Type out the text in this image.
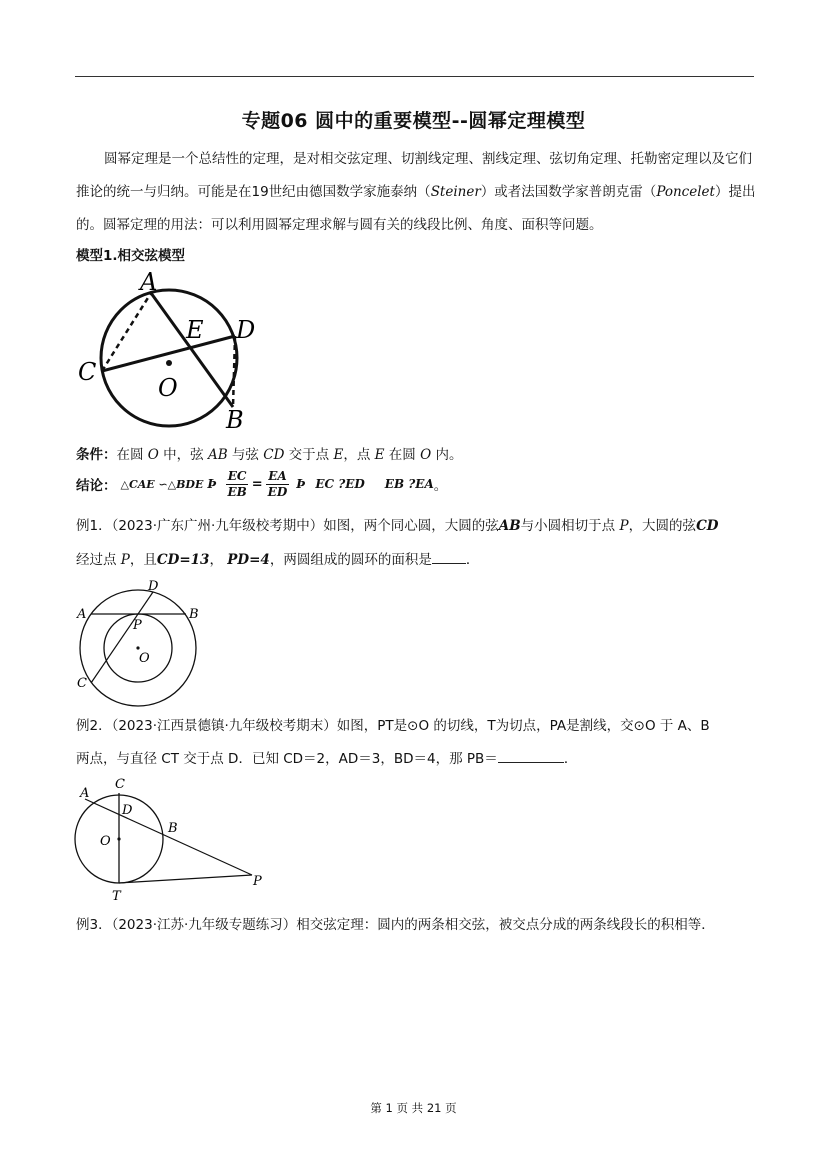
专题06 圆中的重要模型--圆幂定理模型
圆幂定理是一个总结性的定理，是对相交弦定理、切割线定理、割线定理、弦切角定理、托勒密定理以及它们推论的统一与归纳。可能是在19世纪由德国数学家施泰纳（Steiner）或者法国数学家普朗克雷（Poncelet）提出的。圆幂定理的用法：可以利用圆幂定理求解与圆有关的线段比例、角度、面积等问题。
模型1.相交弦模型
A
B
C
D
E
O
条件：在圆 O 中，弦 AB 与弦 CD 交于点 E，点 E 在圆 O 内。
结论： △CAE ∽△BDE Þ $\frac{EC}{EB} = \frac{EA}{ED}$ Þ EC ?ED EB ?EA 。
例1．（2023·广东广州·九年级校考期中）如图，两个同心圆，大圆的弦AB与小圆相切于点 P，大圆的弦CD
经过点 P，且CD=13， PD=4，两圆组成的圆环的面积是	．
A	B
C
D
P
O
例2．（2023·江西景德镇·九年级校考期末）如图，PT是⊙O 的切线，T为切点，PA是割线，交⊙O 于 A、B
两点，与直径 CT 交于点 D．已知 CD＝2，AD＝3，BD＝4，那 PB＝	．
A
C
D
B
O
T
P
例3．（2023·江苏·九年级专题练习）相交弦定理：圆内的两条相交弦，被交点分成的两条线段长的积相等．
第 1 页 共 21 页
